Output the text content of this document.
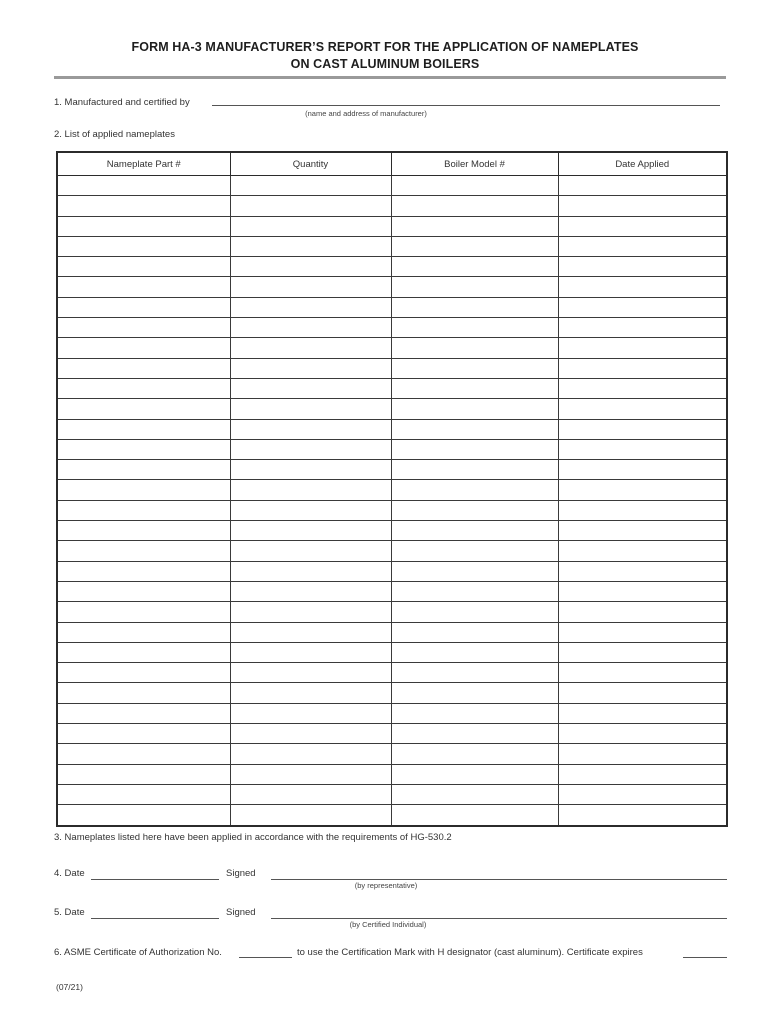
FORM HA-3 MANUFACTURER’S REPORT FOR THE APPLICATION OF NAMEPLATES
ON CAST ALUMINUM BOILERS
1. Manufactured and certified by
(name and address of manufacturer)
2. List of applied nameplates
Nameplate Part #	Quantity	Boiler Model #	Date Applied

3. Nameplates listed here have been applied in accordance with the requirements of HG-530.2
4. Date	Signed
(by representative)
5. Date	Signed
(by Certified Individual)
6. ASME Certificate of Authorization No.	to use the Certification Mark with H designator (cast aluminum). Certificate expires
(07/21)
